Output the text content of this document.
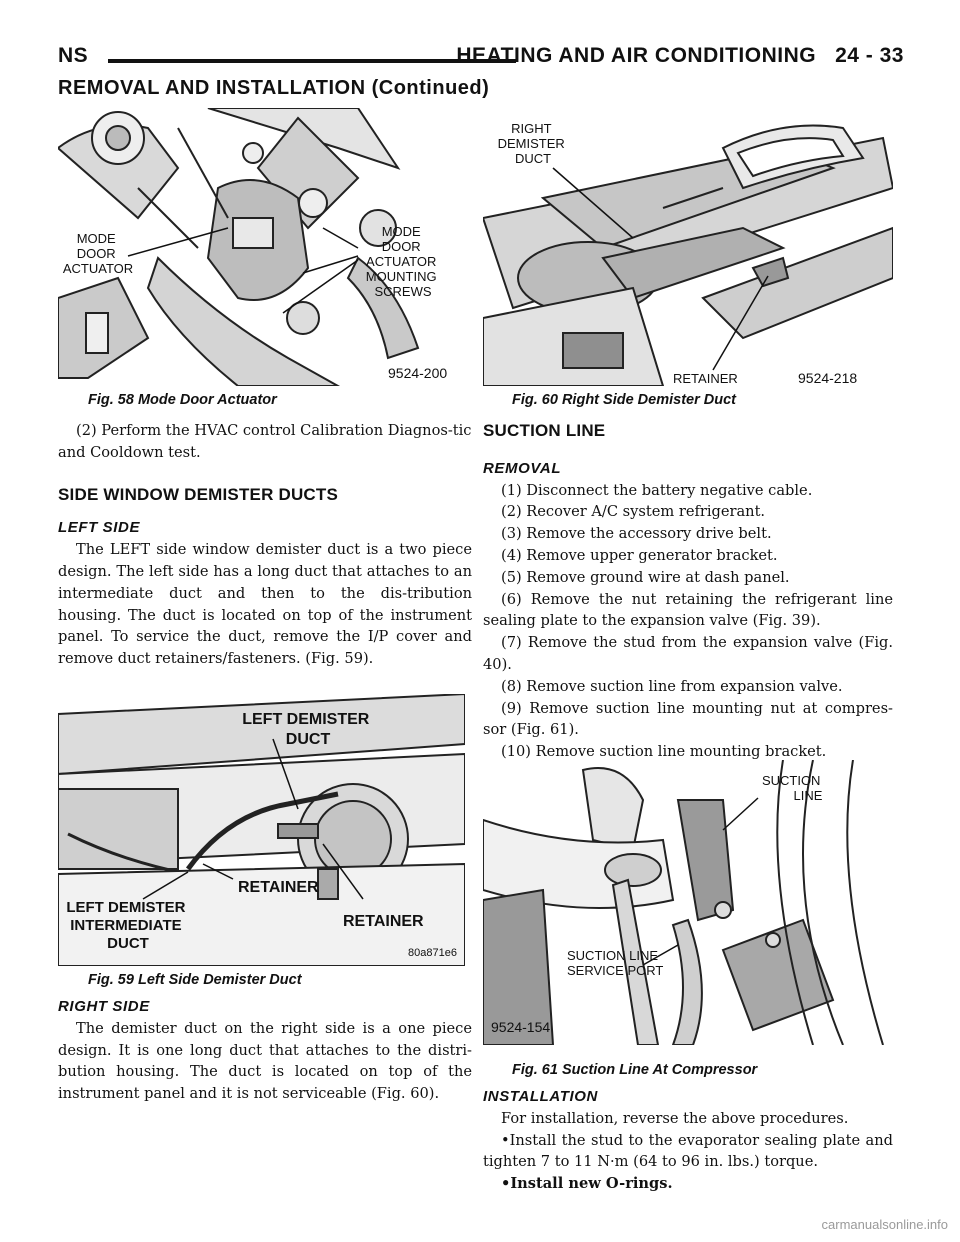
NS	HEATING AND AIR CONDITIONING 24 - 33
REMOVAL AND INSTALLATION (Continued)
MODE DOOR ACTUATOR
MODE DOOR ACTUATOR MOUNTING SCREWS
9524-200
Fig. 58 Mode Door Actuator
RIGHT DEMISTER DUCT
RETAINER	9524-218
Fig. 60 Right Side Demister Duct

(2) Perform the HVAC control Calibration Diagnos-tic and Cooldown test.

SIDE WINDOW DEMISTER DUCTS

LEFT SIDE

The LEFT side window demister duct is a two piece design. The left side has a long duct that attaches to an intermediate duct and then to the dis-tribution housing. The duct is located on top of the instrument panel. To service the duct, remove the I/P cover and remove duct retainers/fasteners. (Fig. 59).

LEFT DEMISTER DUCT
RETAINER
RETAINER
LEFT DEMISTER INTERMEDIATE DUCT
80a871e6
Fig. 59 Left Side Demister Duct

RIGHT SIDE

The demister duct on the right side is a one piece design. It is one long duct that attaches to the distri-bution housing. The duct is located on top of the instrument panel and it is not serviceable (Fig. 60).

SUCTION LINE

REMOVAL

(1) Disconnect the battery negative cable.

(2) Recover A/C system refrigerant.

(3) Remove the accessory drive belt.

(4) Remove upper generator bracket.

(5) Remove ground wire at dash panel.

(6) Remove the nut retaining the refrigerant line sealing plate to the expansion valve (Fig. 39).

(7) Remove the stud from the expansion valve (Fig. 40).

(8) Remove suction line from expansion valve.

(9) Remove suction line mounting nut at compres-sor (Fig. 61).

(10) Remove suction line mounting bracket.

SUCTION LINE
SUCTION LINE SERVICE PORT
9524-154
Fig. 61 Suction Line At Compressor

INSTALLATION

For installation, reverse the above procedures.

•Install the stud to the evaporator sealing plate and tighten 7 to 11 N·m (64 to 96 in. lbs.) torque.

•Install new O-rings.

carmanualsonline.info
